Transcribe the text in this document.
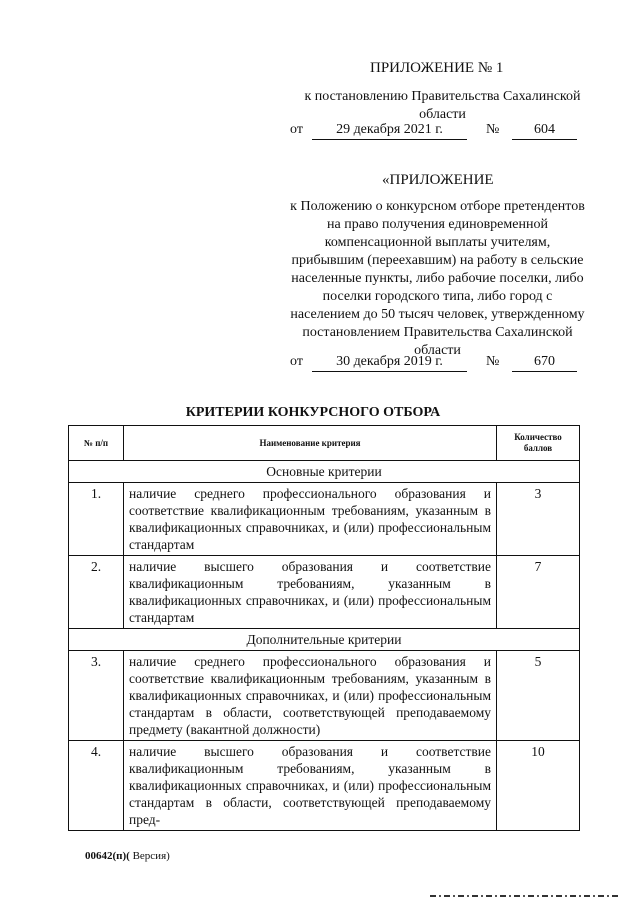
ПРИЛОЖЕНИЕ № 1
к постановлению Правительства Сахалинской области
от	29 декабря 2021 г.	№	604
«ПРИЛОЖЕНИЕ
к Положению о конкурсном отборе претендентов на право получения единовременной компенсационной выплаты учителям, прибывшим (переехавшим) на работу в сельские населенные пункты, либо рабочие поселки, либо поселки городского типа, либо город с населением до 50 тысяч человек, утвержденному постановлением Правительства Сахалинской области
от	30 декабря 2019 г.	№	670
КРИТЕРИИ КОНКУРСНОГО ОТБОРА
№ п/п	Наименование критерия	Количество баллов
Основные критерии		
1.	наличие среднего профессионального образования и соответствие квалификационным требованиям, указанным в квалификационных справочниках, и (или) профессиональным стандартам	3
2.	наличие высшего образования и соответствие квалификационным требованиям, указанным в квалификационных справочниках, и (или) профессиональным стандартам	7
Дополнительные критерии		
3.	наличие среднего профессионального образования и соответствие квалификационным требованиям, указанным в квалификационных справочниках, и (или) профессиональным стандартам в области, соответствующей преподаваемому предмету (вакантной должности)	5
4.	наличие высшего образования и соответствие квалификационным требованиям, указанным в квалификационных справочниках, и (или) профессиональным стандартам в области, соответствующей преподаваемому пред-	10
00642(п)( Версия)
